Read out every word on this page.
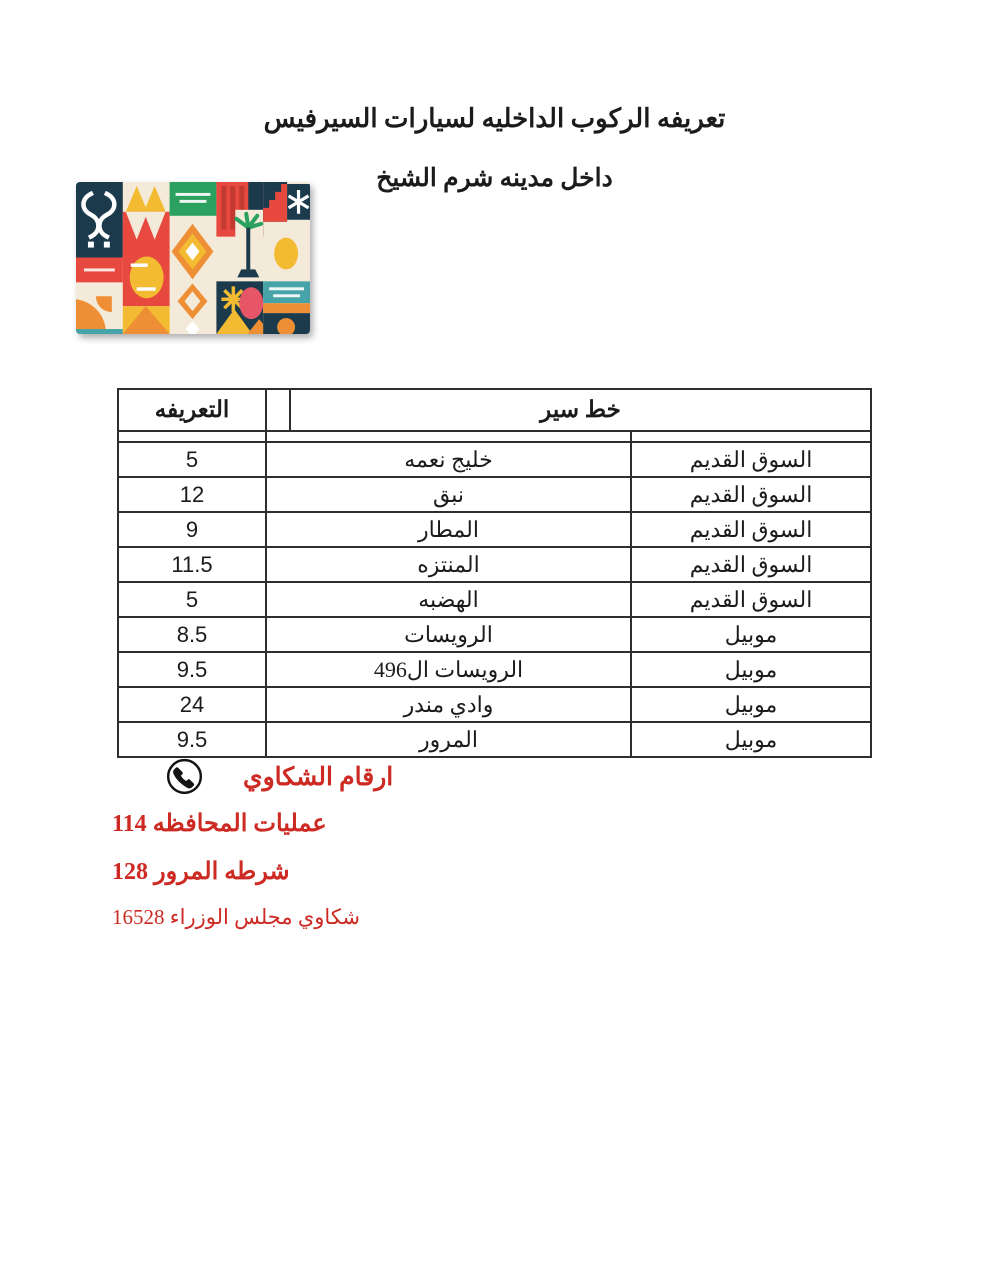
تعريفه الركوب الداخليه لسيارات السيرفيس
داخل مدينه شرم الشيخ
التعريفه		خط سير	

5	خليج نعمه		السوق القديم
12	نبق		السوق القديم
9	المطار		السوق القديم
11.5	المنتزه		السوق القديم
5	الهضبه		السوق القديم
8.5	الرويسات		موبيل
9.5	الرويسات ال496		موبيل
24	وادي مندر		موبيل
9.5	المرور		موبيل
ارقام الشكاوي
عمليات المحافظه 114
شرطه المرور 128
شكاوي مجلس الوزراء 16528
